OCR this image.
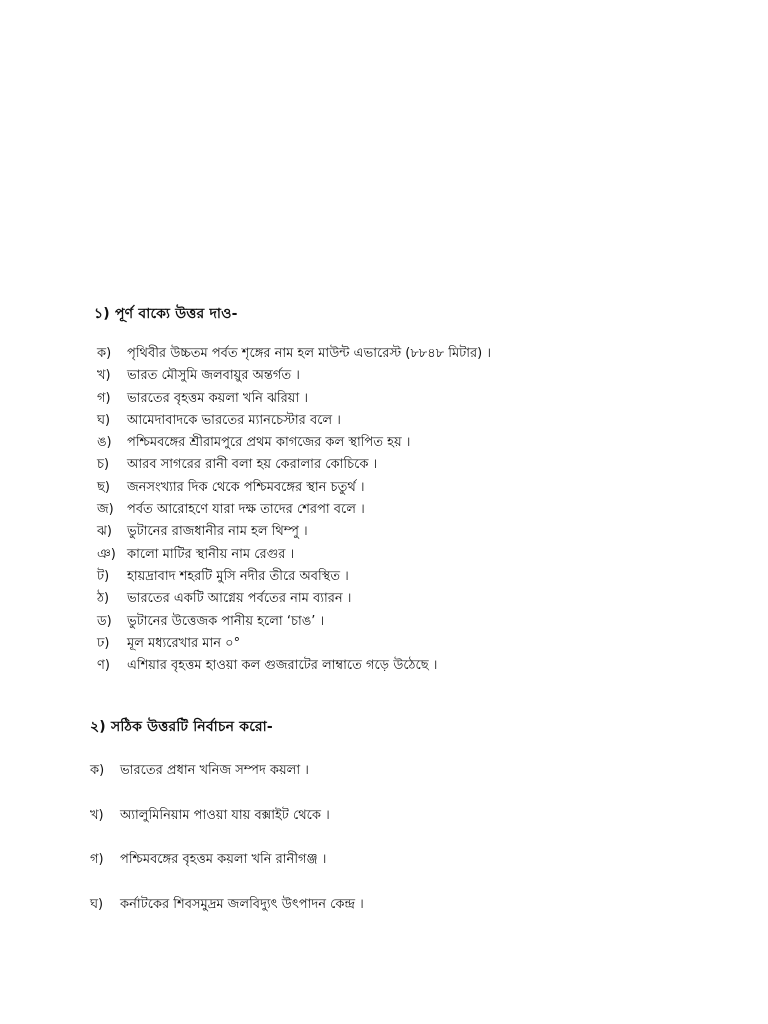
১) পূর্ণ বাক্যে উত্তর দাও-
ক) পৃথিবীর উচ্চতম পর্বত শৃঙ্গের নাম হল মাউন্ট এভারেস্ট (৮৮৪৮ মিটার) ।
খ) ভারত মৌসুমি জলবায়ুর অন্তর্গত ।
গ) ভারতের বৃহত্তম কয়লা খনি ঝরিয়া ।
ঘ) আমেদাবাদকে ভারতের ম্যানচেস্টার বলে ।
ঙ) পশ্চিমবঙ্গের শ্রীরামপুরে প্রথম কাগজের কল স্থাপিত হয় ।
চ) আরব সাগরের রানী বলা হয় কেরালার কোচিকে ।
ছ) জনসংখ্যার দিক থেকে পশ্চিমবঙ্গের স্থান চতুর্থ ।
জ) পর্বত আরোহণে যারা দক্ষ তাদের শেরপা বলে ।
ঝ) ভুটানের রাজধানীর নাম হল থিম্পু ।
ঞ) কালো মাটির স্থানীয় নাম রেগুর ।
ট) হায়দ্রাবাদ শহরটি মুসি নদীর তীরে অবস্থিত ।
ঠ) ভারতের একটি আগ্নেয় পর্বতের নাম ব্যারন ।
ড) ভুটানের উত্তেজক পানীয় হলো ‘চাঙ’ ।
ঢ) মূল মধ্যরেখার মান ০°
ণ) এশিয়ার বৃহত্তম হাওয়া কল গুজরাটের লাম্বাতে গড়ে উঠেছে ।
২) সঠিক উত্তরটি নির্বাচন করো-
ক) ভারতের প্রধান খনিজ সম্পদ কয়লা ।
খ) অ্যালুমিনিয়াম পাওয়া যায় বক্সাইট থেকে ।
গ) পশ্চিমবঙ্গের বৃহত্তম কয়লা খনি রানীগঞ্জ ।
ঘ) কর্নাটকের শিবসমুদ্রম জলবিদ্যুৎ উৎপাদন কেন্দ্র ।
